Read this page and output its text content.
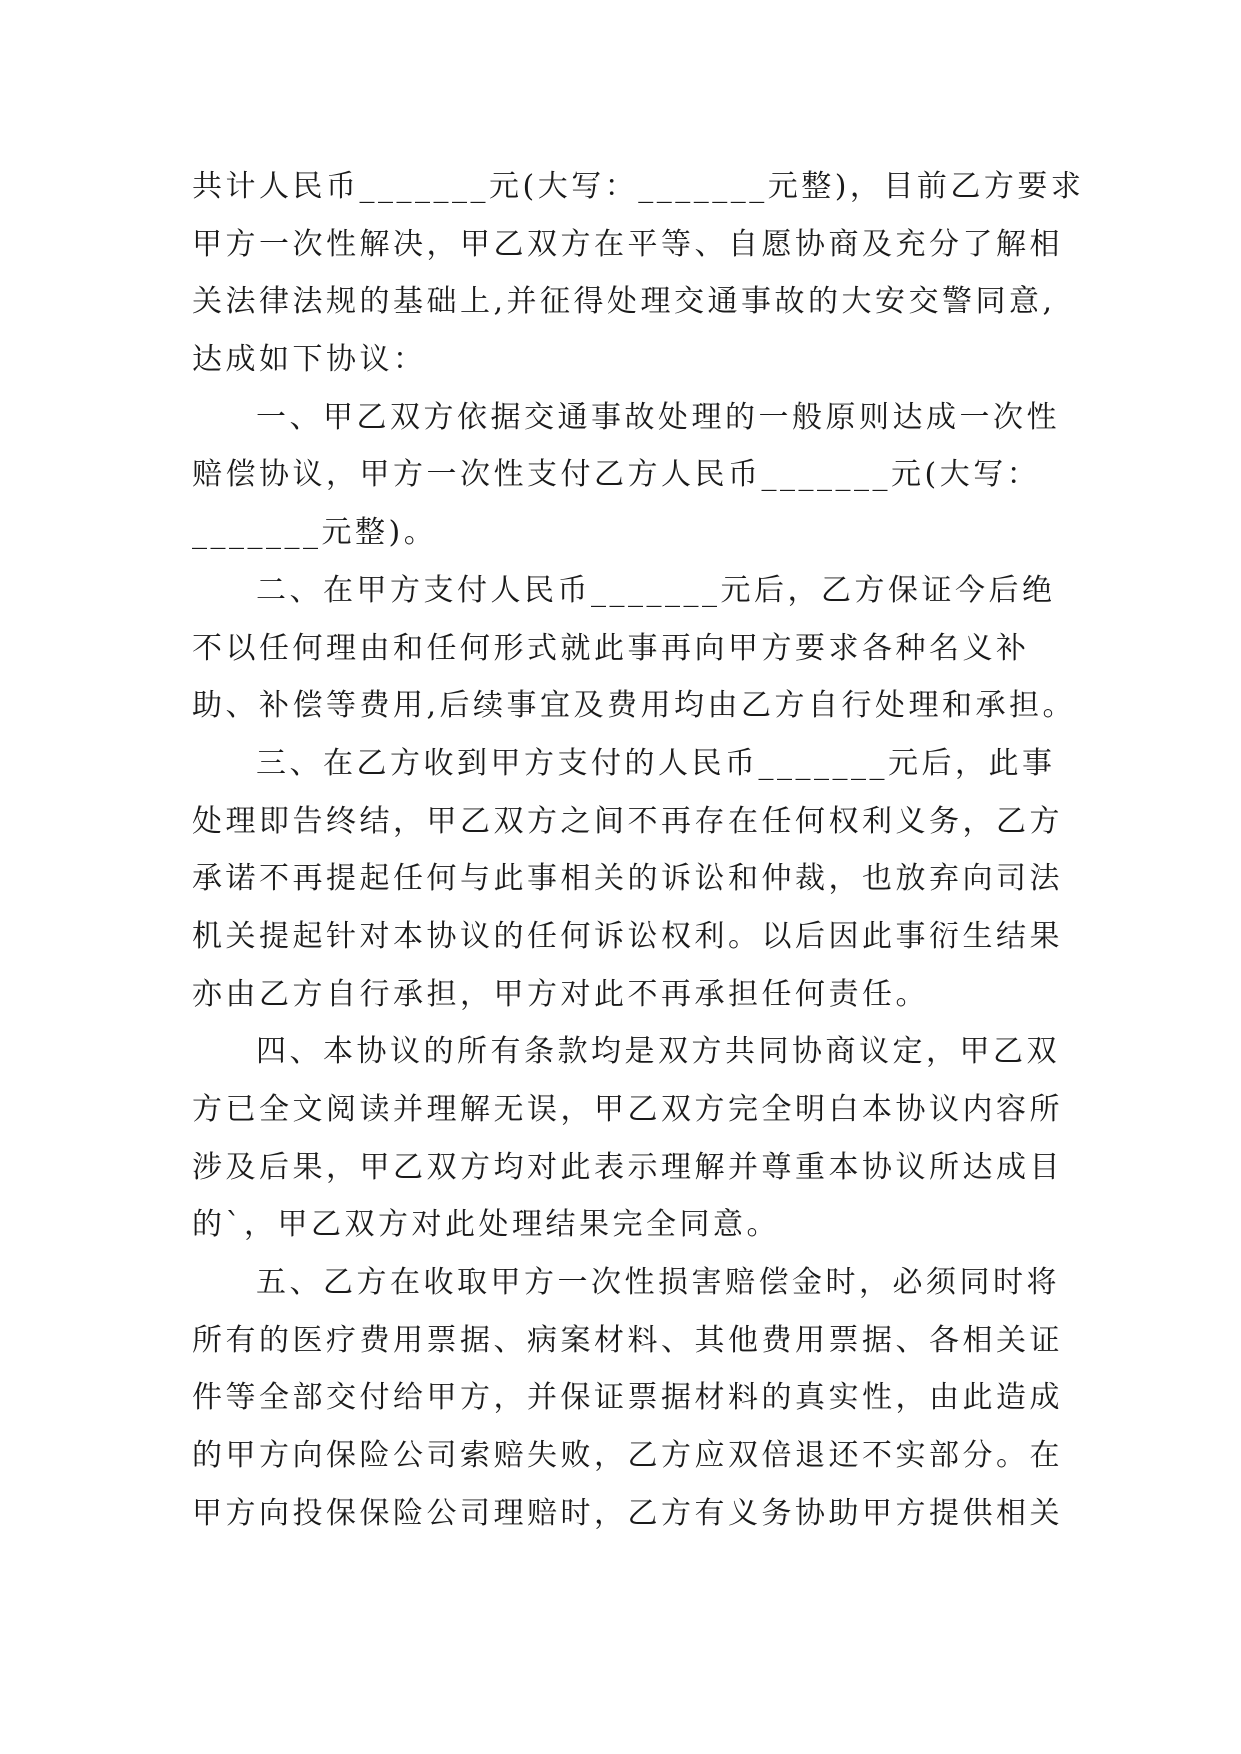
共计人民币_______元(大写：_______元整)，目前乙方要求
甲方一次性解决，甲乙双方在平等、自愿协商及充分了解相
关法律法规的基础上,并征得处理交通事故的大安交警同意,
达成如下协议：
一、甲乙双方依据交通事故处理的一般原则达成一次性
赔偿协议，甲方一次性支付乙方人民币_______元(大写：
_______元整)。
二、在甲方支付人民币_______元后，乙方保证今后绝
不以任何理由和任何形式就此事再向甲方要求各种名义补
助、补偿等费用,后续事宜及费用均由乙方自行处理和承担。
三、在乙方收到甲方支付的人民币_______元后，此事
处理即告终结，甲乙双方之间不再存在任何权利义务，乙方
承诺不再提起任何与此事相关的诉讼和仲裁，也放弃向司法
机关提起针对本协议的任何诉讼权利。以后因此事衍生结果
亦由乙方自行承担，甲方对此不再承担任何责任。
四、本协议的所有条款均是双方共同协商议定，甲乙双
方已全文阅读并理解无误，甲乙双方完全明白本协议内容所
涉及后果，甲乙双方均对此表示理解并尊重本协议所达成目
的`，甲乙双方对此处理结果完全同意。
五、乙方在收取甲方一次性损害赔偿金时，必须同时将
所有的医疗费用票据、病案材料、其他费用票据、各相关证
件等全部交付给甲方，并保证票据材料的真实性，由此造成
的甲方向保险公司索赔失败，乙方应双倍退还不实部分。在
甲方向投保保险公司理赔时，乙方有义务协助甲方提供相关
